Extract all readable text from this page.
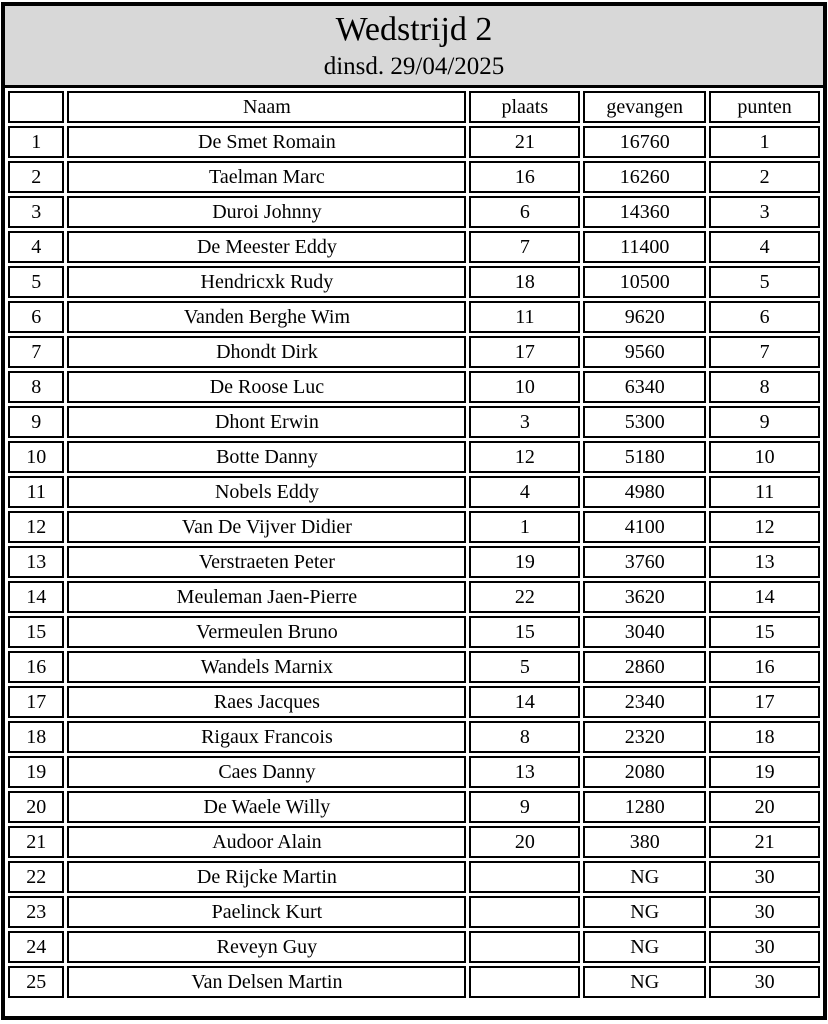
Wedstrijd 2
dinsd. 29/04/2025
	Naam	plaats	gevangen	punten
1	De Smet Romain	21	16760	1
2	Taelman Marc	16	16260	2
3	Duroi Johnny	6	14360	3
4	De Meester Eddy	7	11400	4
5	Hendricxk Rudy	18	10500	5
6	Vanden Berghe Wim	11	9620	6
7	Dhondt Dirk	17	9560	7
8	De Roose Luc	10	6340	8
9	Dhont Erwin	3	5300	9
10	Botte Danny	12	5180	10
11	Nobels Eddy	4	4980	11
12	Van De Vijver Didier	1	4100	12
13	Verstraeten Peter	19	3760	13
14	Meuleman Jaen-Pierre	22	3620	14
15	Vermeulen Bruno	15	3040	15
16	Wandels Marnix	5	2860	16
17	Raes Jacques	14	2340	17
18	Rigaux Francois	8	2320	18
19	Caes Danny	13	2080	19
20	De Waele Willy	9	1280	20
21	Audoor Alain	20	380	21
22	De Rijcke Martin		NG	30
23	Paelinck Kurt		NG	30
24	Reveyn Guy		NG	30
25	Van Delsen Martin		NG	30
